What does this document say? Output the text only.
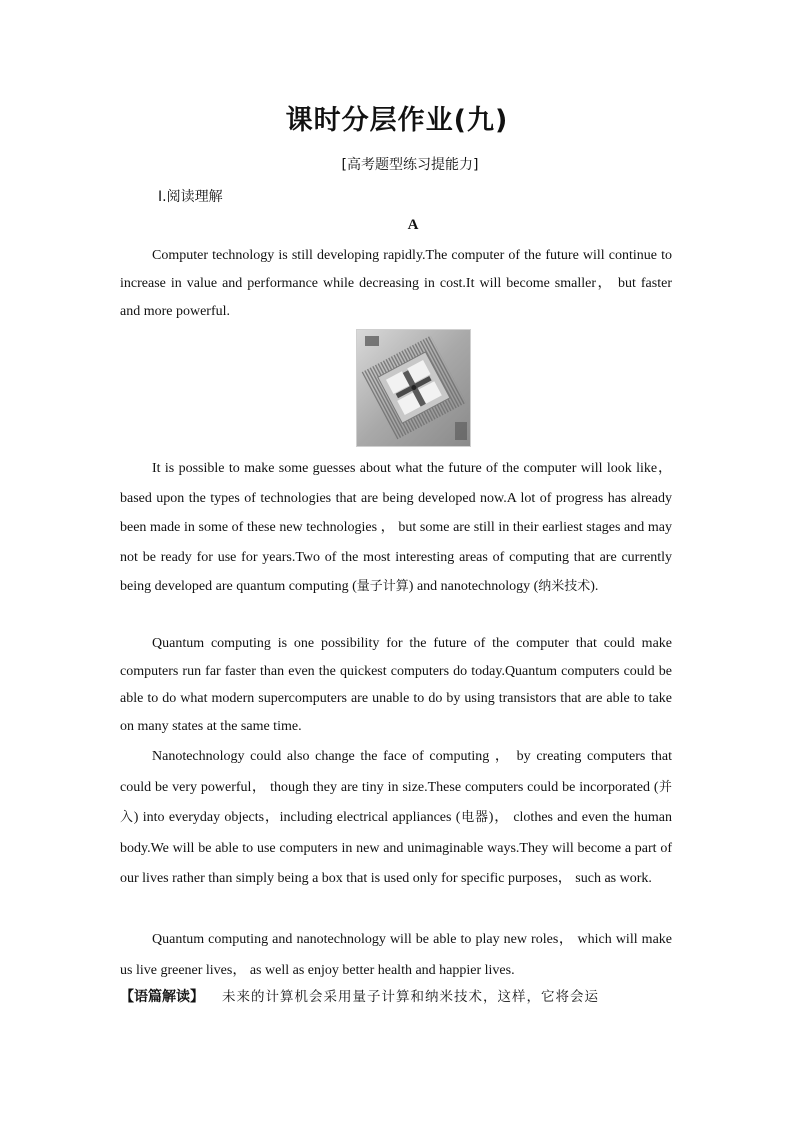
课时分层作业(九)

[高考题型练习提能力]

Ⅰ.阅读理解

A

Computer technology is still developing rapidly.The computer of the future will continue to increase in value and performance while decreasing in cost.It will become smaller， but faster and more powerful.

It is possible to make some guesses about what the future of the computer will look like， based upon the types of technologies that are being developed now.A lot of progress has already been made in some of these new technologies ， but some are still in their earliest stages and may not be ready for use for years.Two of the most interesting areas of computing that are currently being developed are quantum computing (量子计算) and nanotechnology (纳米技术).

Quantum computing is one possibility for the future of the computer that could make computers run far faster than even the quickest computers do today.Quantum computers could be able to do what modern supercomputers are unable to do by using transistors that are able to take on many states at the same time.

Nanotechnology could also change the face of computing ， by creating computers that could be very powerful， though they are tiny in size.These computers could be incorporated (并入) into everyday objects，including electrical appliances (电器)， clothes and even the human body.We will be able to use computers in new and unimaginable ways.They will become a part of our lives rather than simply being a box that is used only for specific purposes， such as work.

Quantum computing and nanotechnology will be able to play new roles， which will make us live greener lives， as well as enjoy better health and happier lives.

【语篇解读】 未来的计算机会采用量子计算和纳米技术，这样，它将会运
